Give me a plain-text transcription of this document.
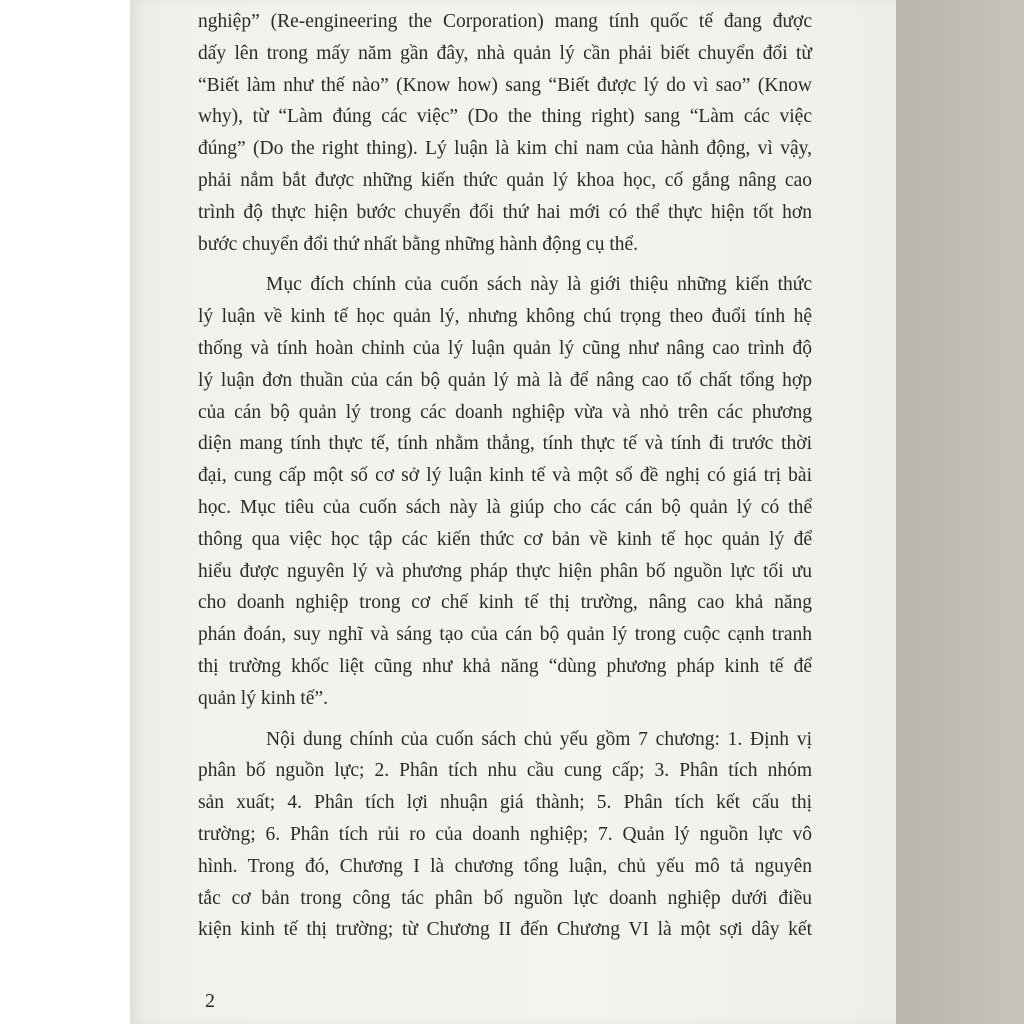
nghiệp” (Re-engineering the Corporation) mang tính quốc tế đang được
dấy lên trong mấy năm gần đây, nhà quản lý cần phải biết chuyển đổi từ
“Biết làm như thế nào” (Know how) sang “Biết được lý do vì sao” (Know
why), từ “Làm đúng các việc” (Do the thing right) sang “Làm các việc
đúng” (Do the right thing). Lý luận là kim chỉ nam của hành động, vì vậy,
phải nắm bắt được những kiến thức quản lý khoa học, cố gắng nâng cao
trình độ thực hiện bước chuyển đổi thứ hai mới có thể thực hiện tốt hơn
bước chuyển đổi thứ nhất bằng những hành động cụ thể.
Mục đích chính của cuốn sách này là giới thiệu những kiến thức
lý luận về kinh tế học quản lý, nhưng không chú trọng theo đuổi tính hệ
thống và tính hoàn chỉnh của lý luận quản lý cũng như nâng cao trình độ
lý luận đơn thuần của cán bộ quản lý mà là để nâng cao tố chất tổng hợp
của cán bộ quản lý trong các doanh nghiệp vừa và nhỏ trên các phương
diện mang tính thực tế, tính nhằm thẳng, tính thực tế và tính đi trước thời
đại, cung cấp một số cơ sở lý luận kinh tế và một số đề nghị có giá trị bài
học. Mục tiêu của cuốn sách này là giúp cho các cán bộ quản lý có thể
thông qua việc học tập các kiến thức cơ bản về kinh tế học quản lý để
hiểu được nguyên lý và phương pháp thực hiện phân bố nguồn lực tối ưu
cho doanh nghiệp trong cơ chế kinh tế thị trường, nâng cao khả năng
phán đoán, suy nghĩ và sáng tạo của cán bộ quản lý trong cuộc cạnh tranh
thị trường khốc liệt cũng như khả năng “dùng phương pháp kinh tế để
quản lý kinh tế”.
Nội dung chính của cuốn sách chủ yếu gồm 7 chương: 1. Định vị
phân bố nguồn lực; 2. Phân tích nhu cầu cung cấp; 3. Phân tích nhóm
sản xuất; 4. Phân tích lợi nhuận giá thành; 5. Phân tích kết cấu thị
trường; 6. Phân tích rủi ro của doanh nghiệp; 7. Quản lý nguồn lực vô
hình. Trong đó, Chương I là chương tổng luận, chủ yếu mô tả nguyên
tắc cơ bản trong công tác phân bố nguồn lực doanh nghiệp dưới điều
kiện kinh tế thị trường; từ Chương II đến Chương VI là một sợi dây kết
2
